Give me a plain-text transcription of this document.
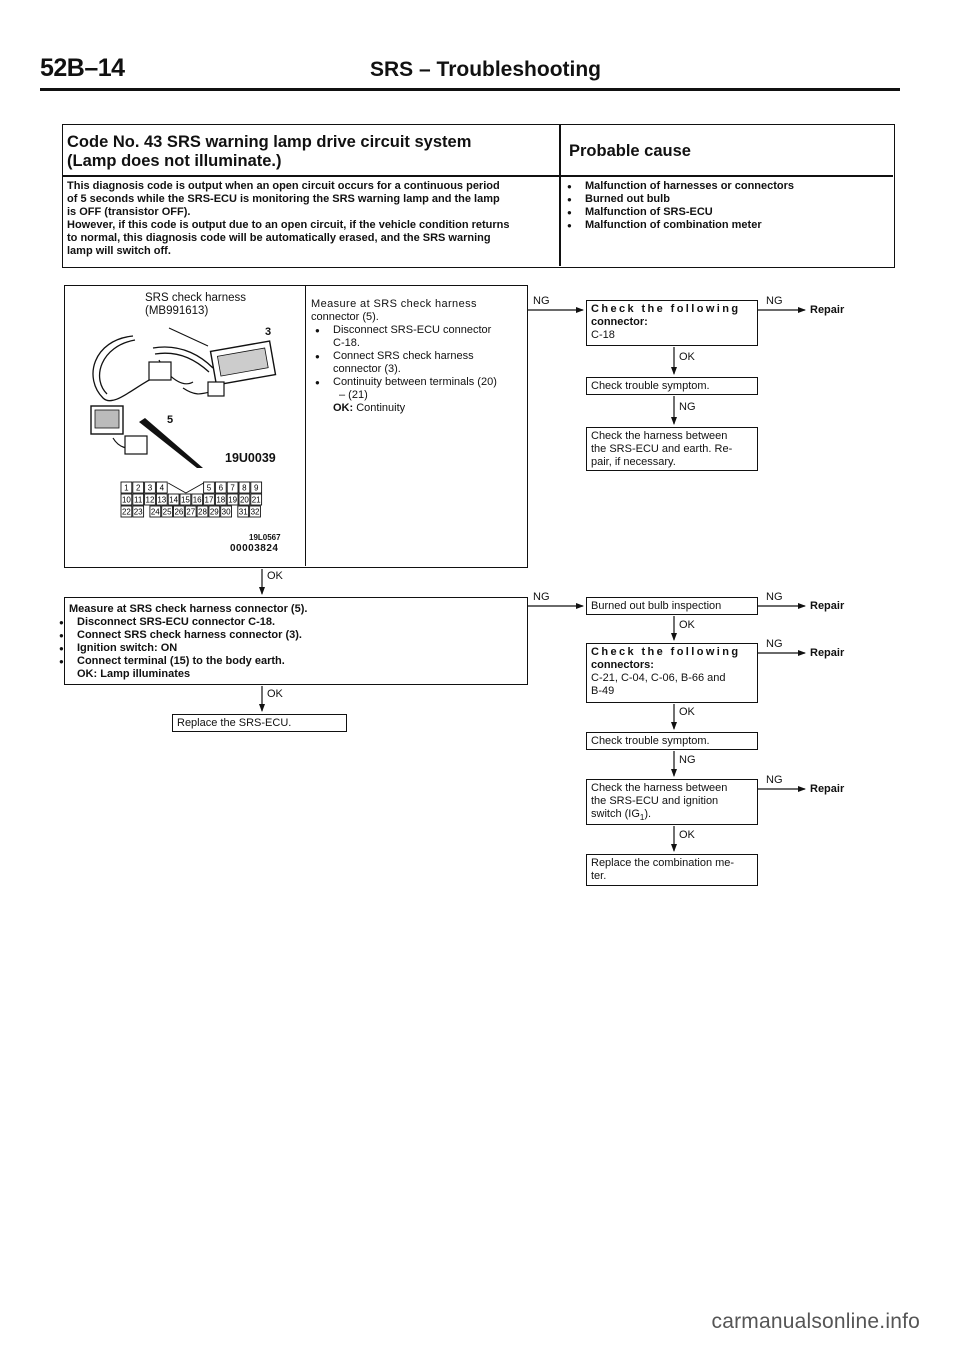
52B–14	SRS – Troubleshooting
Code No. 43 SRS warning lamp drive circuit system
(Lamp does not illuminate.)
Probable cause
This diagnosis code is output when an open circuit occurs for a continuous period
of 5 seconds while the SRS-ECU is monitoring the SRS warning lamp and the lamp
is OFF (transistor OFF).
However, if this code is output due to an open circuit, if the vehicle condition returns
to normal, this diagnosis code will be automatically erased, and the SRS warning
lamp will switch off.
● Malfunction of harnesses or connectors
● Burned out bulb
● Malfunction of SRS-ECU
● Malfunction of combination meter
SRS check harness
(MB991613)
3
5
19U0039
1 2 3 4	5 6 7 8 9
10 11 12 13 14 15 16 17 18 19 20 21
22 23 24 25 26 27 28 29 30 31 32
19L0567
00003824
Measure at SRS check harness
connector (5).
● Disconnect SRS-ECU connector
C-18.
● Connect SRS check harness
connector (3).
● Continuity between terminals (20)
– (21)
OK: Continuity
Measure at SRS check harness connector (5).
● Disconnect SRS-ECU connector C-18.
● Connect SRS check harness connector (3).
● Ignition switch: ON
● Connect terminal (15) to the body earth.
OK: Lamp illuminates
Replace the SRS-ECU.
Check the following
connector:
C-18
Check trouble symptom.
Check the harness between
the SRS-ECU and earth. Re-
pair, if necessary.
Burned out bulb inspection
Check the following
connectors:
C-21, C-04, C-06, B-66 and
B-49
Check trouble symptom.
Check the harness between
the SRS-ECU and ignition
switch $(IG_1)$.
Replace the combination me-
ter.
NG	NG
Repair
OK
NG
OK
NG	NG
Repair
OK
NG
Repair
OK
NG
NG
Repair
OK
OK
carmanualsonline.info
